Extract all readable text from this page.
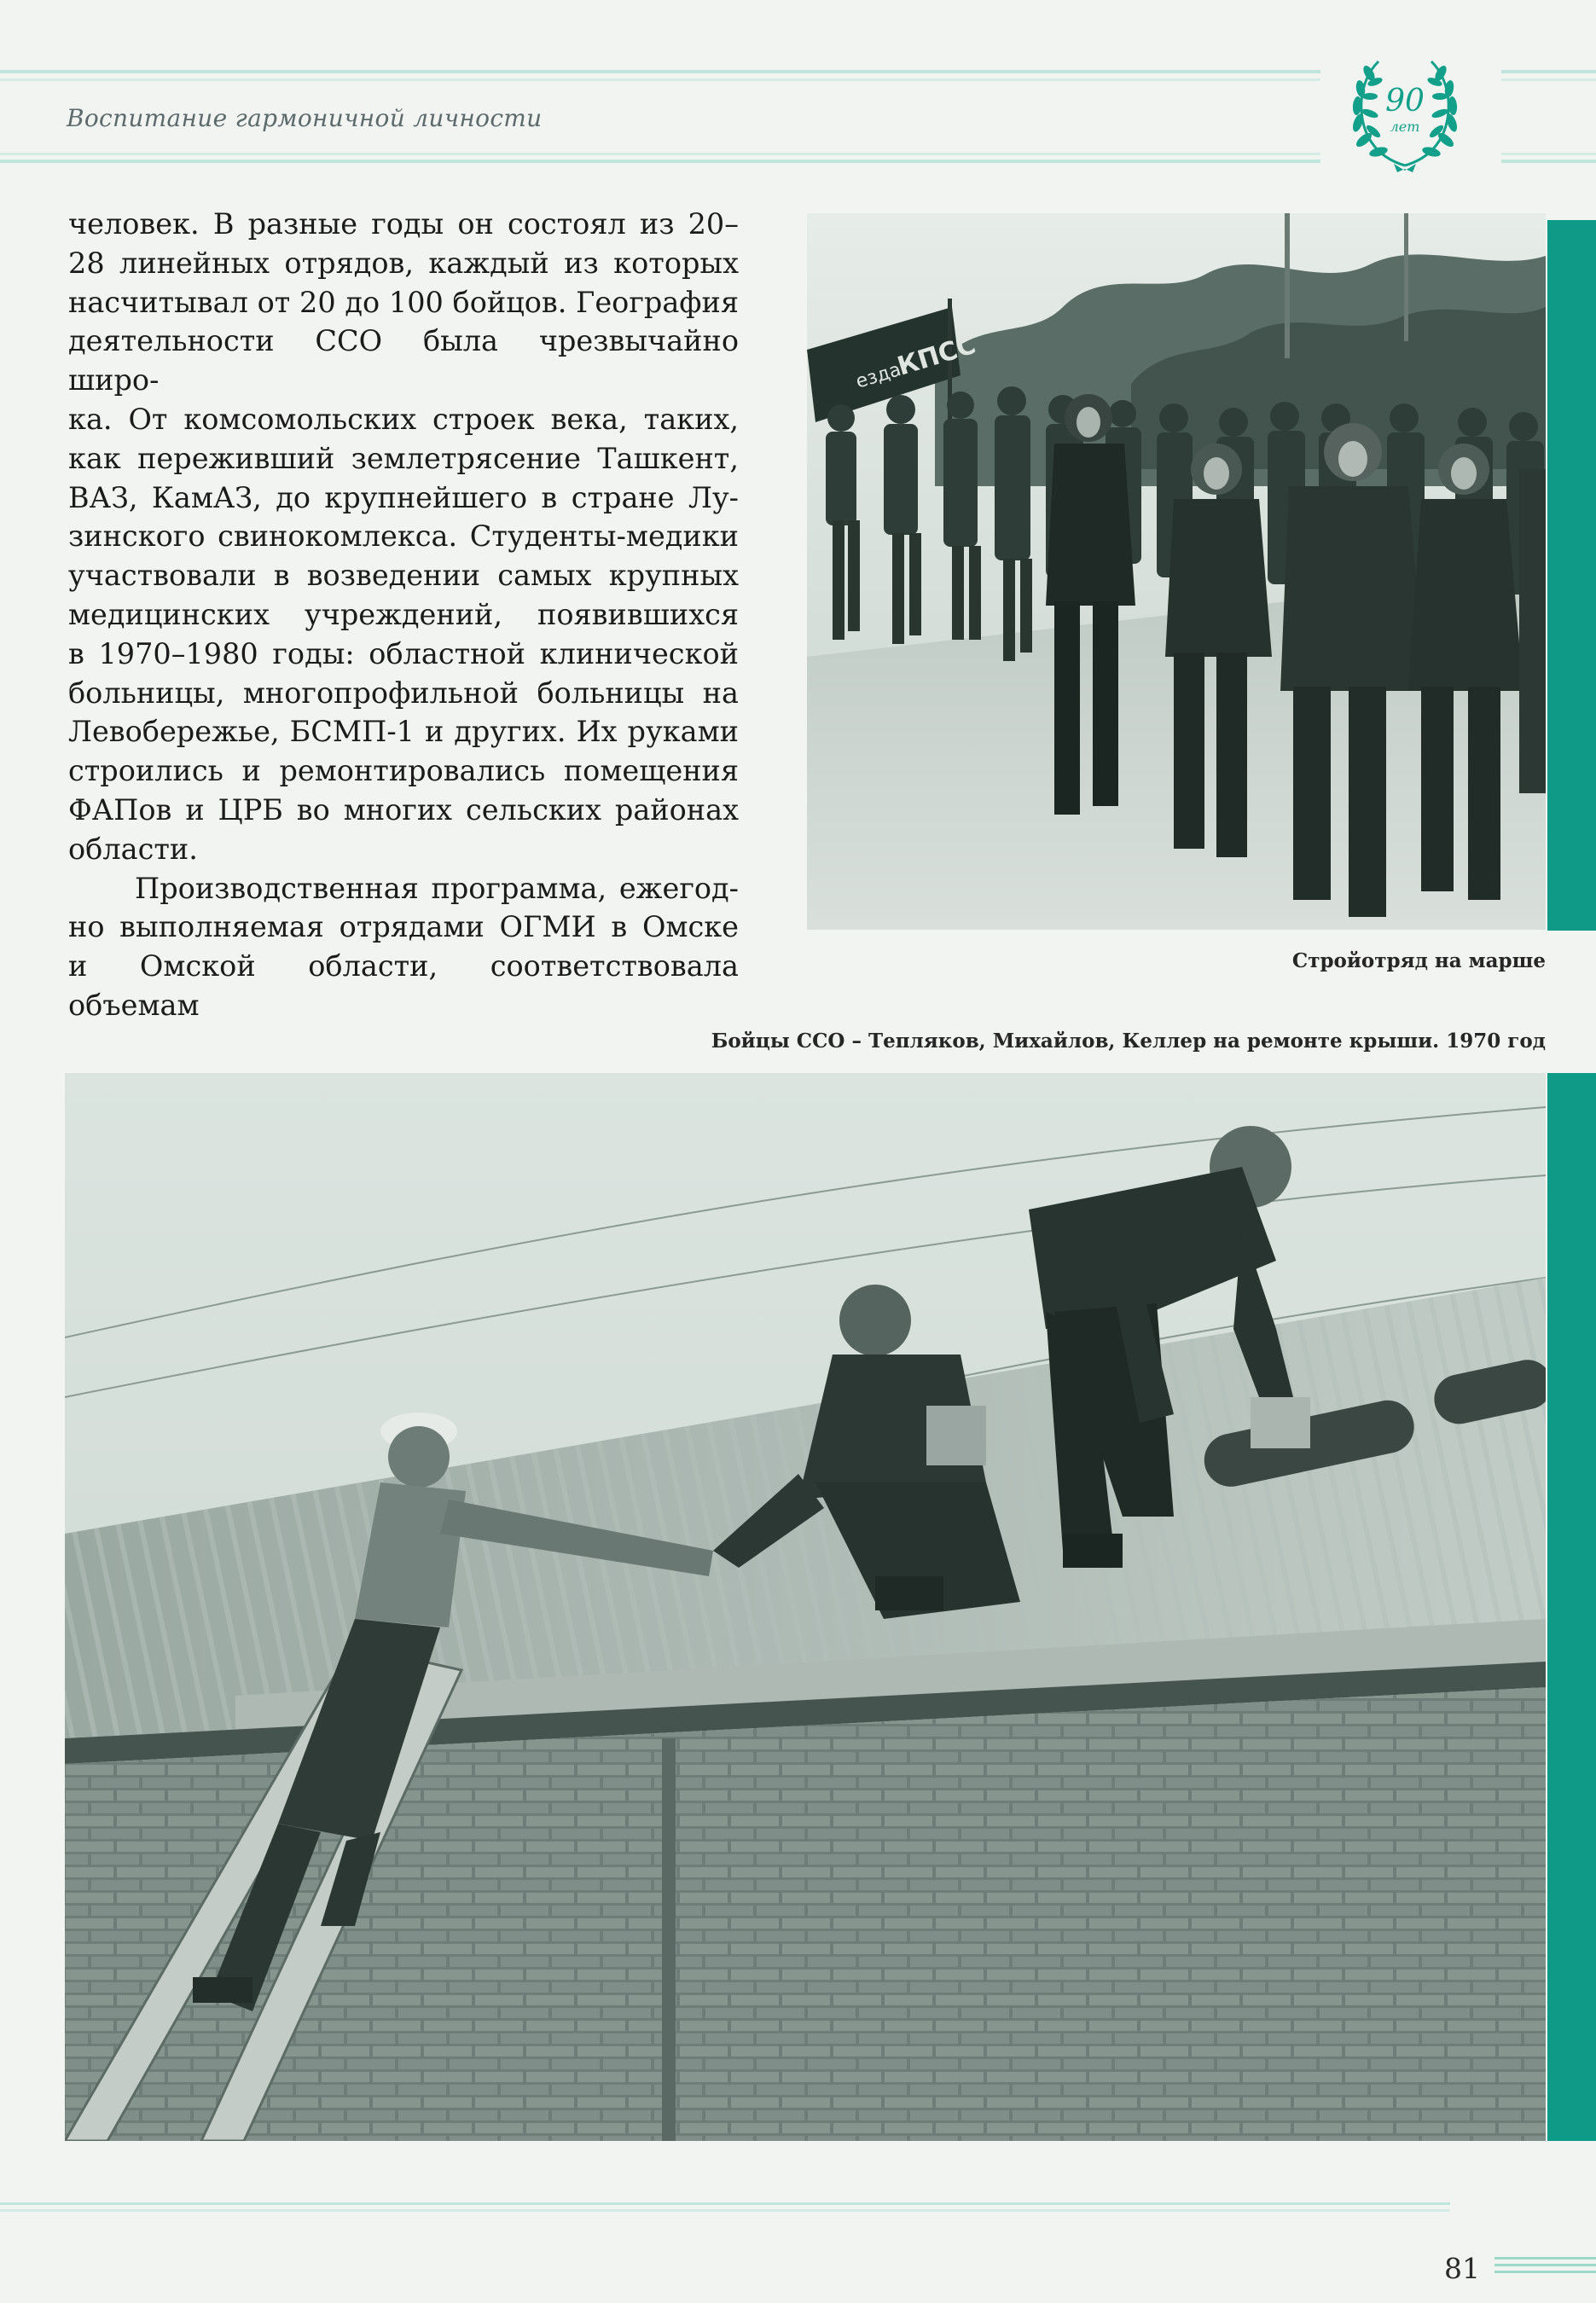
Воспитание гармоничной личности	90
лет

человек. В разные годы он состоял из 20–

28 линейных отрядов, каждый из которых

насчитывал от 20 до 100 бойцов. География

деятельности ССО была чрезвычайно широ-

ка. От комсомольских строек века, таких,

как переживший землетрясение Ташкент,

ВАЗ, КамАЗ, до крупнейшего в стране Лу-

зинского свинокомлекса. Студенты-медики

участвовали в возведении самых крупных

медицинских учреждений, появившихся

в 1970–1980 годы: областной клинической

больницы, многопрофильной больницы на

Левобережье, БСМП-1 и других. Их руками

строились и ремонтировались помещения

ФАПов и ЦРБ во многих сельских районах

области.

Производственная программа, ежегод-

но выполняемая отрядами ОГМИ в Омске

и Омской области, соответствовала объемам

езда
КПСС
Стройотряд на марше
Бойцы ССО – Тепляков, Михайлов, Келлер на ремонте крыши. 1970 год
81
